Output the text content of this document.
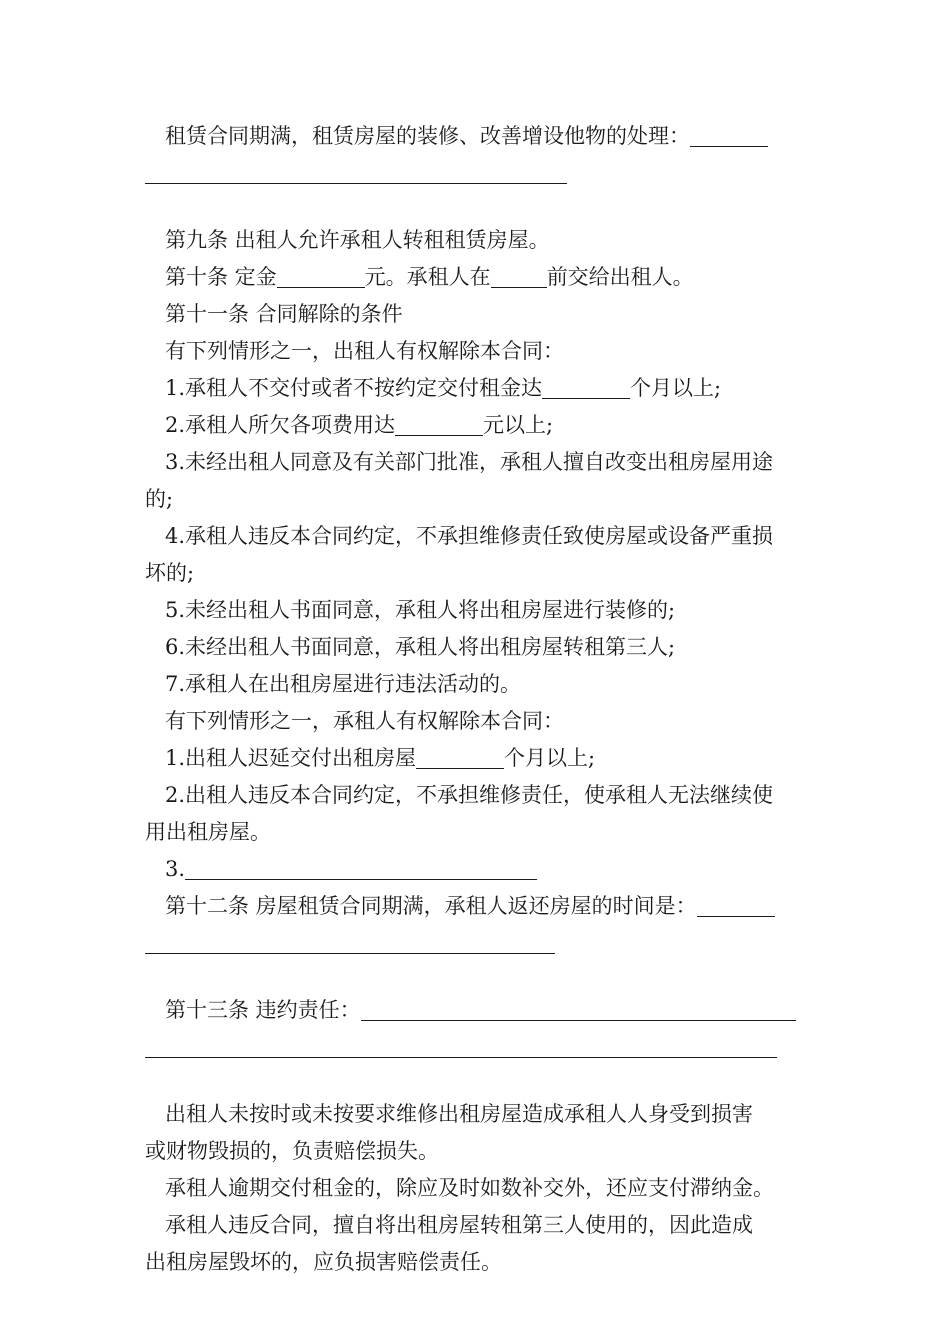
租赁合同期满，租赁房屋的装修、改善增设他物的处理：
第九条 出租人允许承租人转租租赁房屋。
第十条 定金	元。承租人在	前交给出租人。
第十一条 合同解除的条件
有下列情形之一，出租人有权解除本合同：
1.承租人不交付或者不按约定交付租金达	个月以上;
2.承租人所欠各项费用达	元以上;
3.未经出租人同意及有关部门批准，承租人擅自改变出租房屋用途
的;
4.承租人违反本合同约定，不承担维修责任致使房屋或设备严重损
坏的;
5.未经出租人书面同意，承租人将出租房屋进行装修的;
6.未经出租人书面同意，承租人将出租房屋转租第三人;
7.承租人在出租房屋进行违法活动的。
有下列情形之一，承租人有权解除本合同：
1.出租人迟延交付出租房屋	个月以上;
2.出租人违反本合同约定，不承担维修责任，使承租人无法继续使
用出租房屋。
3.
第十二条 房屋租赁合同期满，承租人返还房屋的时间是：
第十三条 违约责任：
出租人未按时或未按要求维修出租房屋造成承租人人身受到损害
或财物毁损的，负责赔偿损失。
承租人逾期交付租金的，除应及时如数补交外，还应支付滞纳金。
承租人违反合同，擅自将出租房屋转租第三人使用的，因此造成
出租房屋毁坏的，应负损害赔偿责任。
